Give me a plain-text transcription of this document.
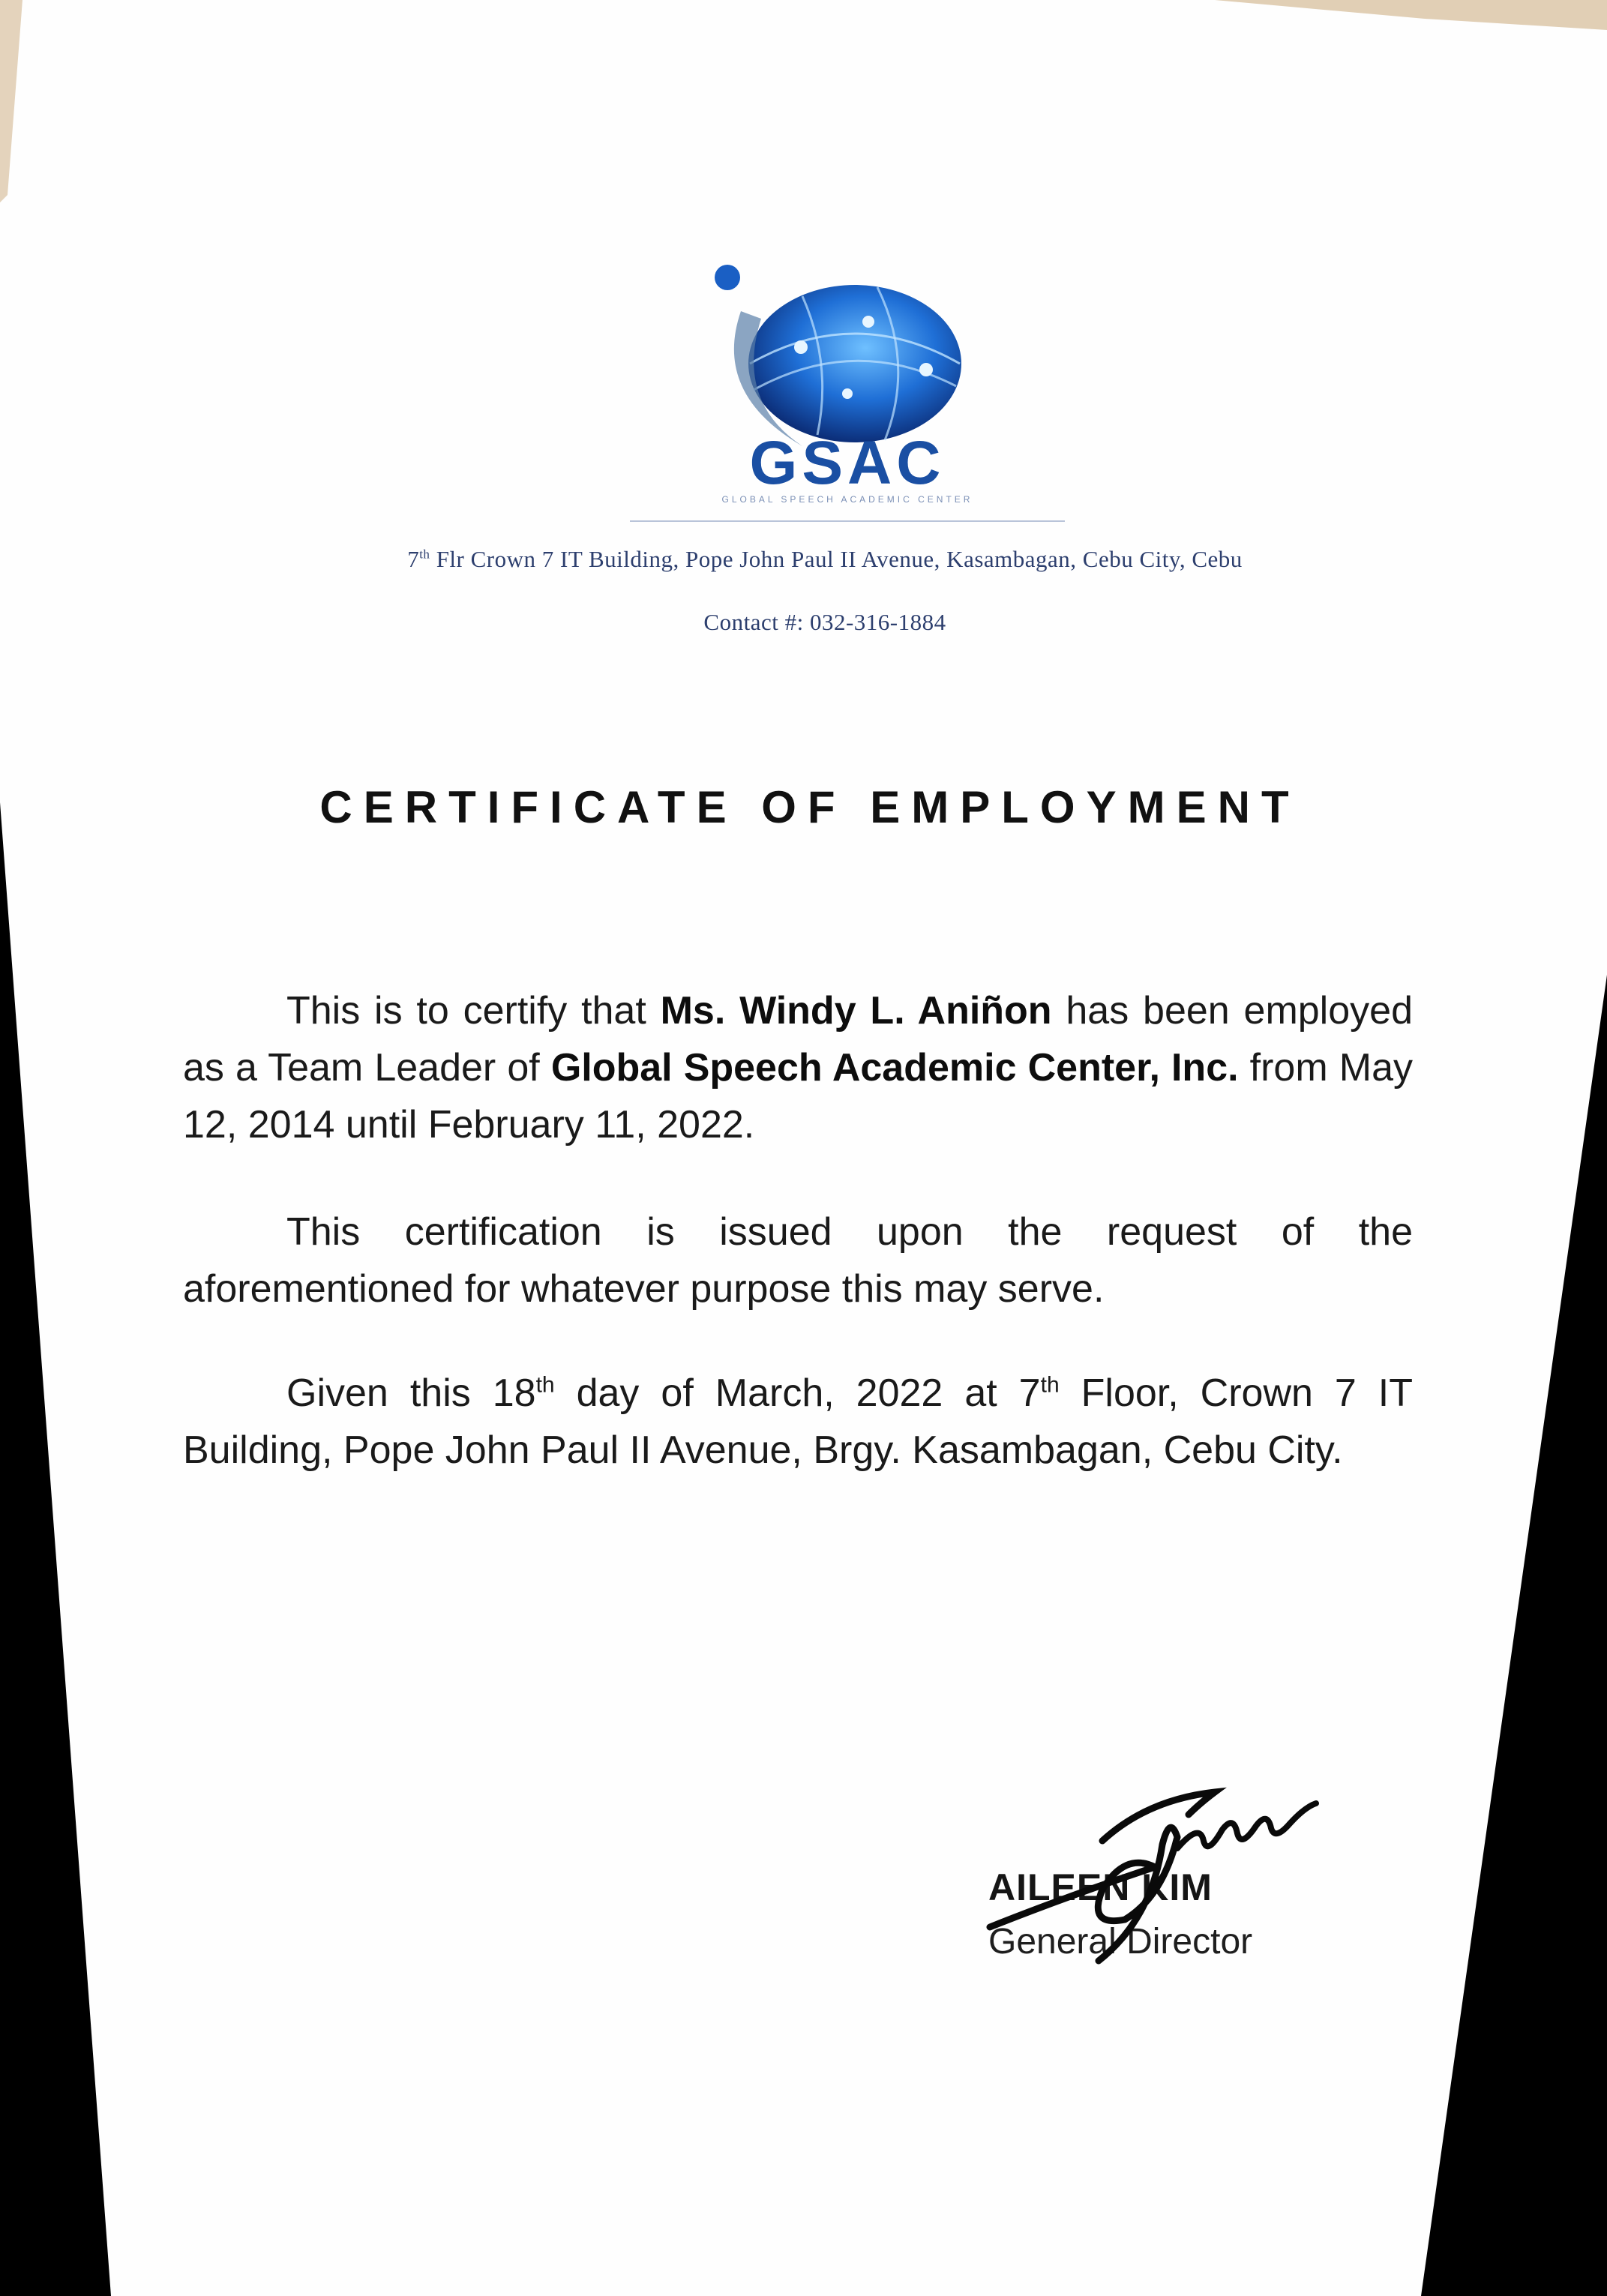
GSAC
GLOBAL SPEECH ACADEMIC CENTER
7th Flr Crown 7 IT Building, Pope John Paul II Avenue, Kasambagan, Cebu City, Cebu
Contact #: 032-316-1884
CERTIFICATE OF EMPLOYMENT
This is to certify that Ms. Windy L. Aniñon has been employed as a Team Leader of Global Speech Academic Center, Inc. from May 12, 2014 until February 11, 2022.
This certification is issued upon the request of the aforementioned for whatever purpose this may serve.
Given this 18th day of March, 2022 at 7th Floor, Crown 7 IT Building, Pope John Paul II Avenue, Brgy. Kasambagan, Cebu City.
AILEEN KIM
General Director
